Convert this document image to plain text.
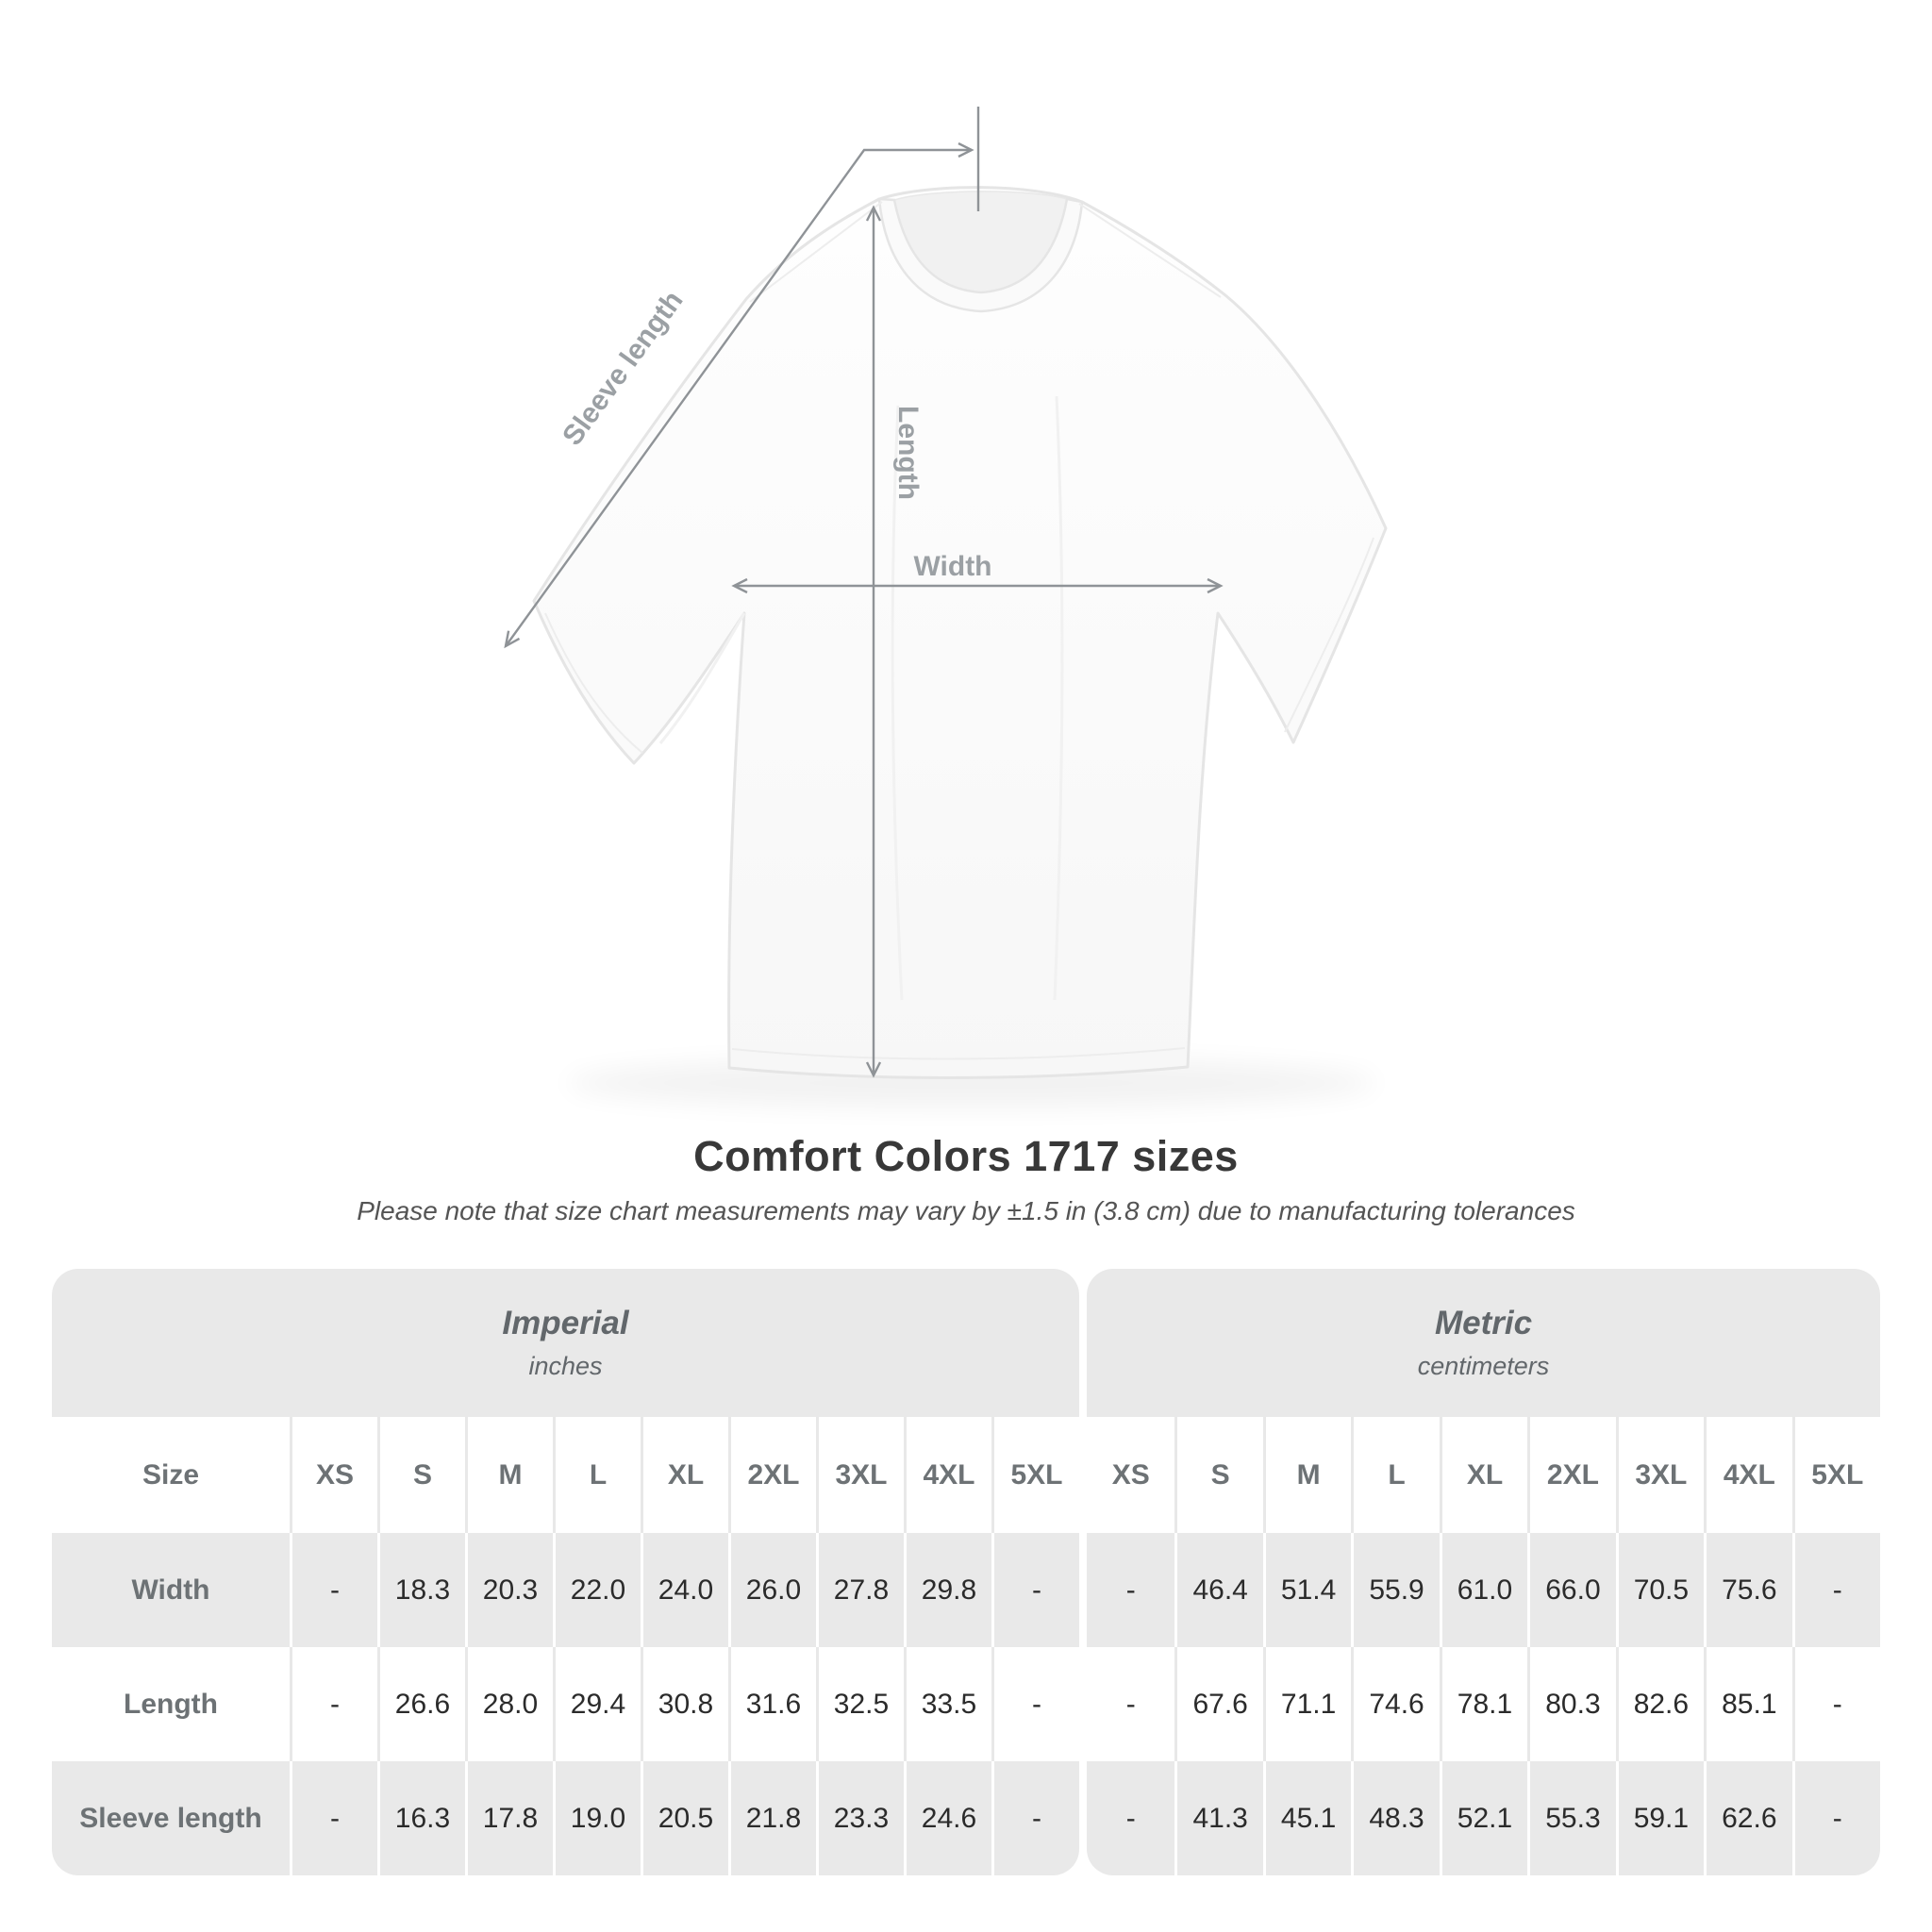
Sleeve length
Length
Width
Comfort Colors 1717 sizes
Please note that size chart measurements may vary by ±1.5 in (3.8 cm) due to manufacturing tolerances
Imperial
inches
Size	XS	S	M	L	XL	2XL	3XL	4XL	5XL
Width	-	18.3	20.3	22.0	24.0	26.0	27.8	29.8	-
Length	-	26.6	28.0	29.4	30.8	31.6	32.5	33.5	-
Sleeve length	-	16.3	17.8	19.0	20.5	21.8	23.3	24.6	-
Metric
centimeters
XS	S	M	L	XL	2XL	3XL	4XL	5XL
-	46.4	51.4	55.9	61.0	66.0	70.5	75.6	-
-	67.6	71.1	74.6	78.1	80.3	82.6	85.1	-
-	41.3	45.1	48.3	52.1	55.3	59.1	62.6	-
